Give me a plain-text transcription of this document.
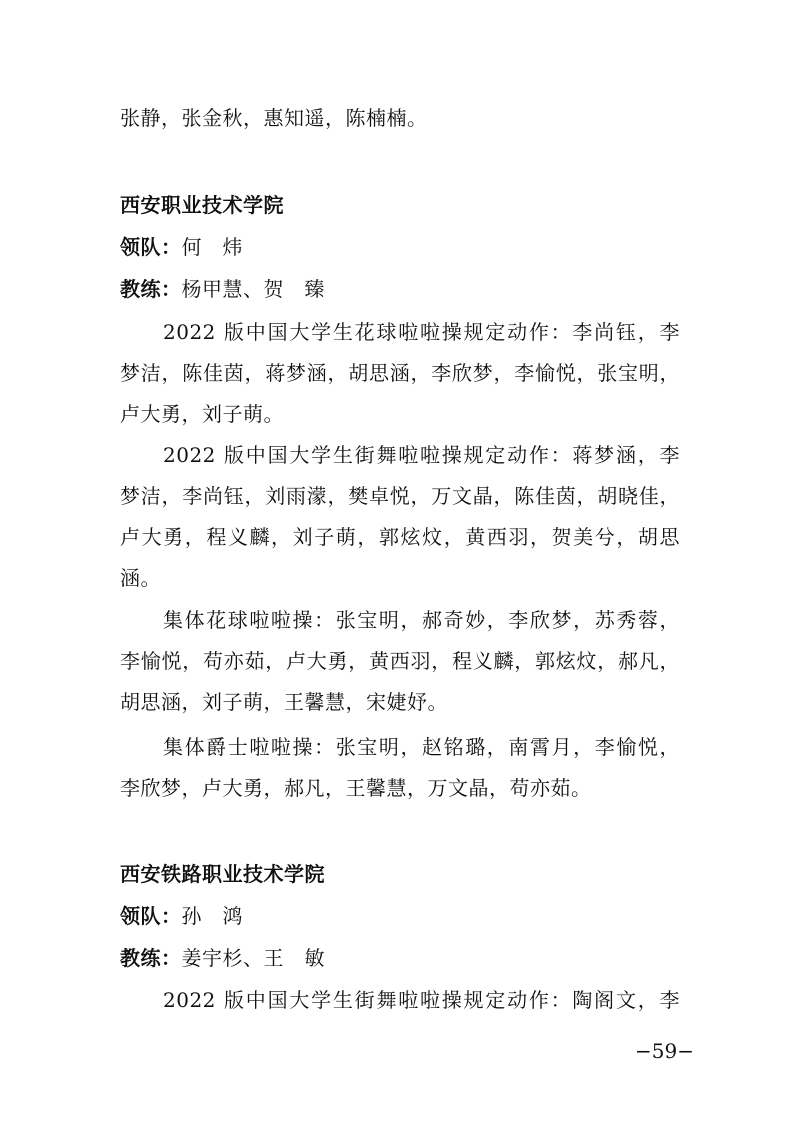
张静，张金秋，惠知遥，陈楠楠。
西安职业技术学院
领队：何　炜
教练：杨甲慧、贺　臻
2022 版中国大学生花球啦啦操规定动作：李尚钰，李
梦洁，陈佳茵，蒋梦涵，胡思涵，李欣梦，李愉悦，张宝明，
卢大勇，刘子萌。
2022 版中国大学生街舞啦啦操规定动作：蒋梦涵，李
梦洁，李尚钰，刘雨濛，樊卓悦，万文晶，陈佳茵，胡晓佳，
卢大勇，程义麟，刘子萌，郭炫炆，黄西羽，贺美兮，胡思
涵。
集体花球啦啦操：张宝明，郝奇妙，李欣梦，苏秀蓉，
李愉悦，苟亦茹，卢大勇，黄西羽，程义麟，郭炫炆，郝凡，
胡思涵，刘子萌，王馨慧，宋婕妤。
集体爵士啦啦操：张宝明，赵铭璐，南霄月，李愉悦，
李欣梦，卢大勇，郝凡，王馨慧，万文晶，苟亦茹。
西安铁路职业技术学院
领队：孙　鸿
教练：姜宇杉、王　敏
2022 版中国大学生街舞啦啦操规定动作：陶阁文，李
−59−
